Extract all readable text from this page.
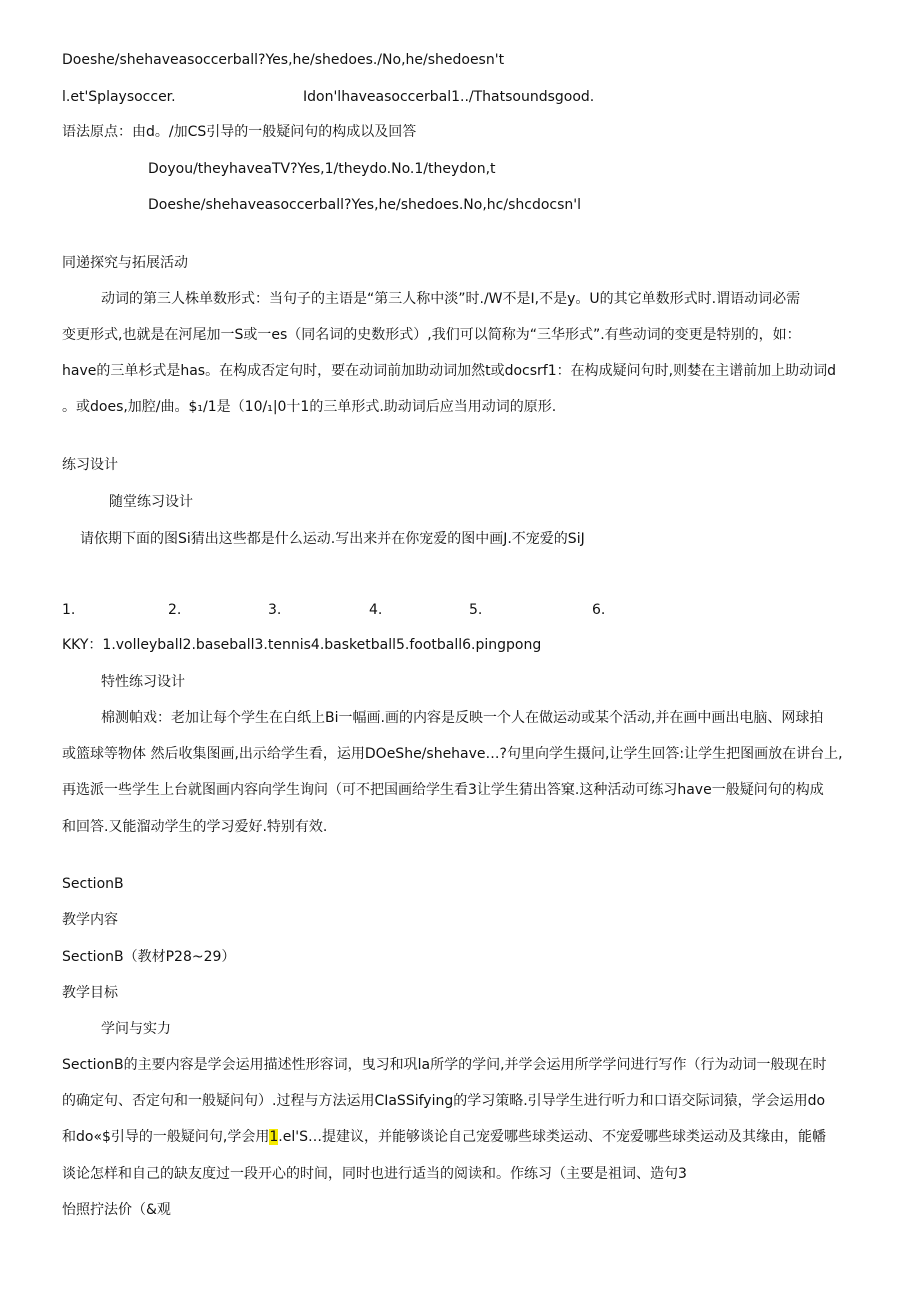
Doeshe/shehaveasoccerball?Yes,he/shedoes./No,he/shedoesn't
l.et'Splaysoccer.	Idon'lhaveasoccerbal1../Thatsoundsgood.
语法原点：由d。/加CS引导的一般疑问句的构成以及回答
Doyou/theyhaveaTV?Yes,1/theydo.No.1/theydon,t
Doeshe/shehaveasoccerball?Yes,he/shedoes.No,hc/shcdocsn'l
同递探究与拓展活动
动词的第三人株单数形式：当句子的主语是“第三人称中淡”时./W不是I,不是y。U的其它单数形式时.谓语动词必需
变更形式,也就是在河尾加一S或一es（同名词的史数形式）,我们可以简称为“三华形式”.有些动词的变更是特别的，如：
have的三单杉式是has。在构成否定句时，要在动词前加助动词加然t或docsrf1：在构成疑问句时,则婪在主谱前加上助动词d
。或does,加腔/曲。$₁/1是（10/₁|0十1的三单形式.助动词后应当用动词的原形.
练习设计
随堂练习设计
请依期下面的图Si猜出这些都是什么运动.写出来并在你宠爱的图中画J.不宠爱的SiJ
1.	2.	3.	4.	5.	6.
KKY：1.volleyball2.baseball3.tennis4.basketball5.football6.pingpong
特性练习设计
棉测帕戏：老加让每个学生在白纸上Bi一幅画.画的内容是反映一个人在做运动或某个活动,并在画中画出电脑、网球拍
或篮球等物体 然后收集图画,出示给学生看，运用DOeShe/shehave…?句里向学生摄问,让学生回答:让学生把图画放在讲台上,
再选派一些学生上台就图画内容向学生询问（可不把国画给学生看3让学生猜出答窠.这种活动可练习have一般疑问句的构成
和回答.又能溜动学生的学习爱好.特别有效.
SectionB
教学内容
SectionB（教材P28~29）
教学目标
学问与实力
SectionB的主要内容是学会运用描述性形容词，曳习和巩la所学的学问,并学会运用所学学问进行写作（行为动词一般现在时
的确定句、否定句和一般疑问句）.过程与方法运用CIaSSifying的学习策略.引导学生进行听力和口语交际词猿，学会运用do
和do«$引导的一般疑问句,学会用1.el'S…提建议，并能够谈论自己宠爱哪些球类运动、不宠爱哪些球类运动及其缘由，能幡
谈论怎样和自己的缺友度过一段开心的时间，同时也进行适当的阅读和。作练习（主要是祖词、造句3
怡照拧法价（&观
